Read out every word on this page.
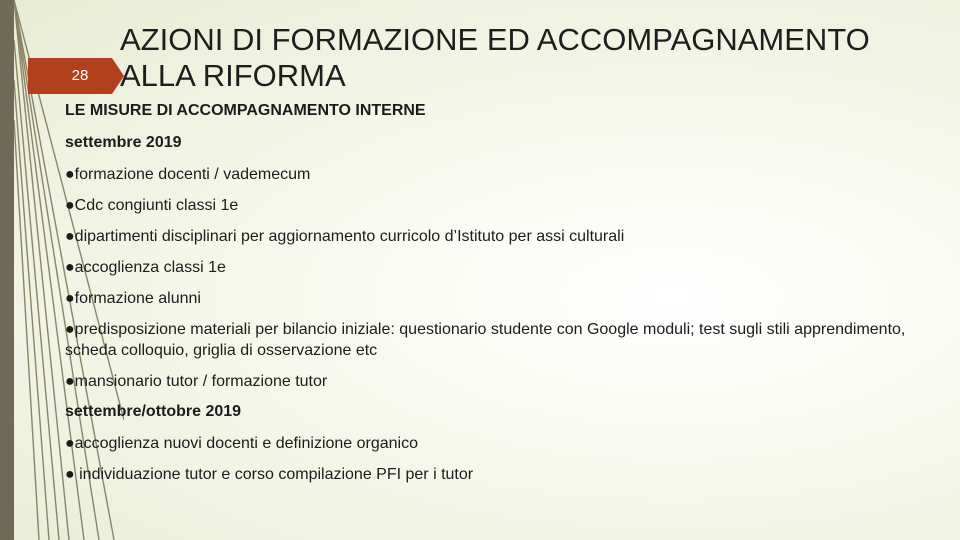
28
AZIONI DI FORMAZIONE ED ACCOMPAGNAMENTO
ALLA RIFORMA
LE MISURE DI ACCOMPAGNAMENTO INTERNE
settembre 2019
●formazione docenti / vademecum
●Cdc congiunti classi 1e
●dipartimenti disciplinari per aggiornamento curricolo d’Istituto per assi culturali
●accoglienza classi 1e
●formazione alunni
●predisposizione materiali per bilancio iniziale: questionario studente con Google moduli; test sugli stili apprendimento, scheda colloquio, griglia di osservazione etc
●mansionario tutor / formazione tutor
settembre/ottobre 2019
●accoglienza nuovi docenti e definizione organico
● individuazione tutor e corso compilazione PFI per i tutor
